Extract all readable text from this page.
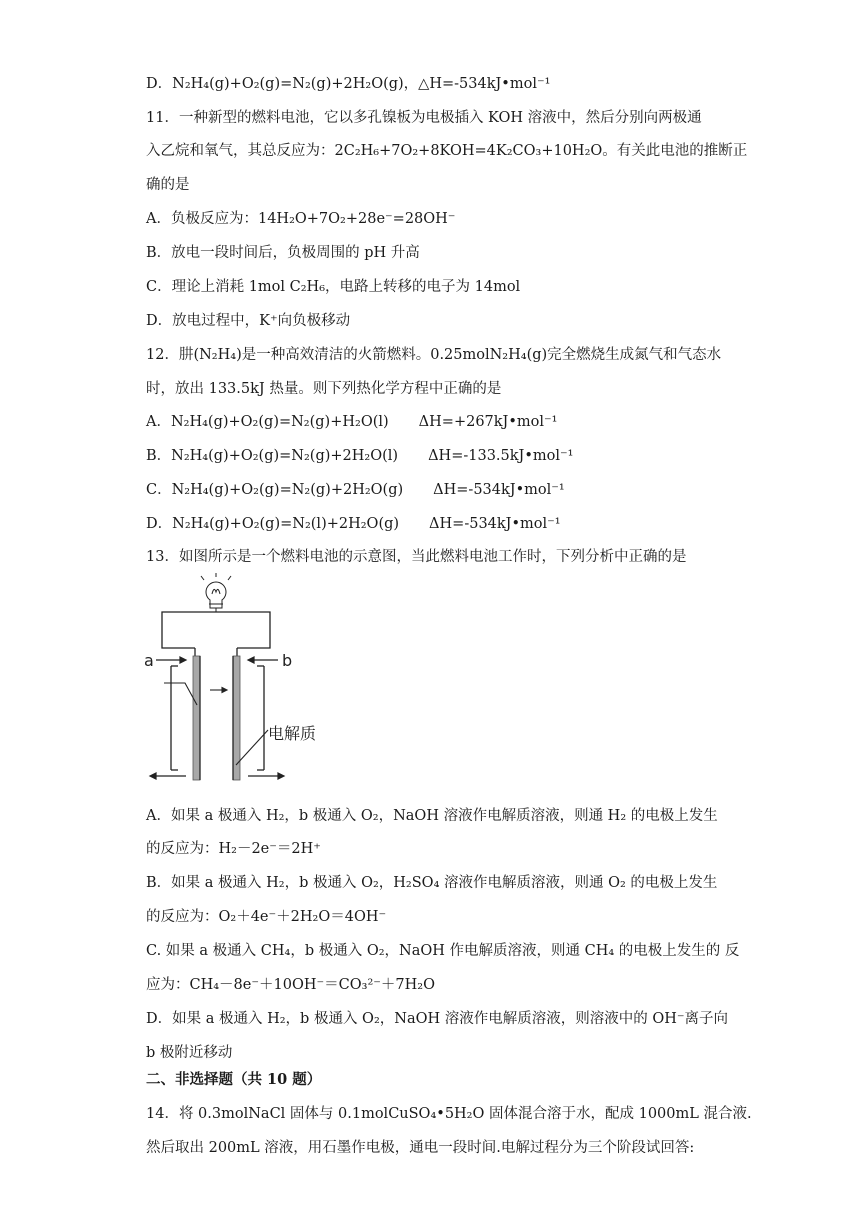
D．N₂H₄(g)+O₂(g)=N₂(g)+2H₂O(g)，△H=-534kJ•mol⁻¹
11．一种新型的燃料电池，它以多孔镍板为电极插入 KOH 溶液中，然后分别向两极通
入乙烷和氧气，其总反应为：2C₂H₆+7O₂+8KOH=4K₂CO₃+10H₂O。有关此电池的推断正
确的是
A．负极反应为：14H₂O+7O₂+28e⁻=28OH⁻
B．放电一段时间后，负极周围的 pH 升高
C．理论上消耗 1mol C₂H₆，电路上转移的电子为 14mol
D．放电过程中，K⁺向负极移动
12．肼(N₂H₄)是一种高效清洁的火箭燃料。0.25molN₂H₄(g)完全燃烧生成氮气和气态水
时，放出 133.5kJ 热量。则下列热化学方程中正确的是
A．N₂H₄(g)+O₂(g)=N₂(g)+H₂O(l) ΔH=+267kJ•mol⁻¹
B．N₂H₄(g)+O₂(g)=N₂(g)+2H₂O(l) ΔH=-133.5kJ•mol⁻¹
C．N₂H₄(g)+O₂(g)=N₂(g)+2H₂O(g) ΔH=-534kJ•mol⁻¹
D．N₂H₄(g)+O₂(g)=N₂(l)+2H₂O(g) ΔH=-534kJ•mol⁻¹
13．如图所示是一个燃料电池的示意图，当此燃料电池工作时，下列分析中正确的是
a	b
电解质
A．如果 a 极通入 H₂，b 极通入 O₂，NaOH 溶液作电解质溶液，则通 H₂ 的电极上发生
的反应为：H₂－2e⁻＝2H⁺
B．如果 a 极通入 H₂，b 极通入 O₂，H₂SO₄ 溶液作电解质溶液，则通 O₂ 的电极上发生
的反应为：O₂＋4e⁻＋2H₂O＝4OH⁻
C. 如果 a 极通入 CH₄，b 极通入 O₂，NaOH 作电解质溶液，则通 CH₄ 的电极上发生的 反
应为：CH₄－8e⁻＋10OH⁻＝CO₃²⁻＋7H₂O
D．如果 a 极通入 H₂，b 极通入 O₂，NaOH 溶液作电解质溶液，则溶液中的 OH⁻离子向
b 极附近移动
二、非选择题（共 10 题）
14．将 0.3molNaCl 固体与 0.1molCuSO₄•5H₂O 固体混合溶于水，配成 1000mL 混合液.
然后取出 200mL 溶液，用石墨作电极，通电一段时间.电解过程分为三个阶段试回答:
